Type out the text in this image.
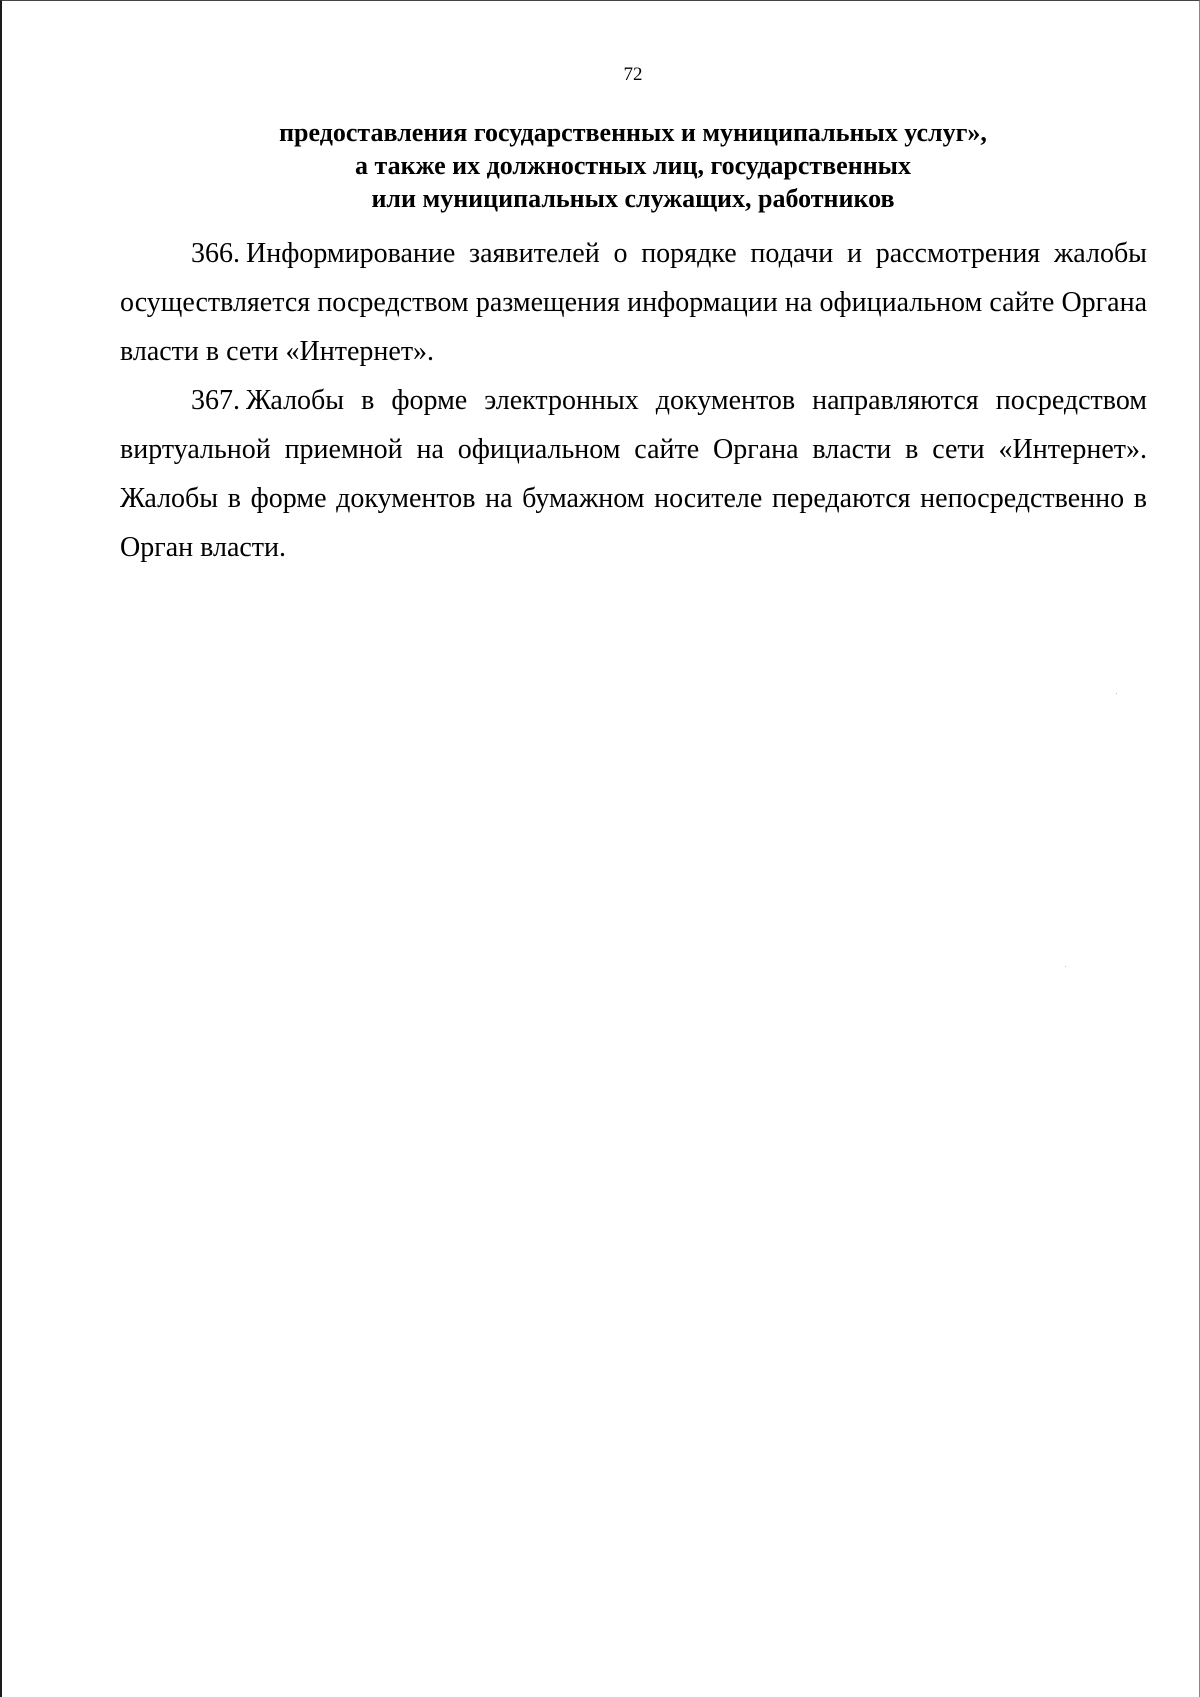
72
предоставления государственных и муниципальных услуг»,
а также их должностных лиц, государственных
или муниципальных служащих, работников

366. Информирование заявителей о порядке подачи и рассмотрения жалобы осуществляется посредством размещения информации на официальном сайте Органа власти в сети «Интернет».

367. Жалобы в форме электронных документов направляются посредством виртуальной приемной на официальном сайте Органа власти в сети «Интернет». Жалобы в форме документов на бумажном носителе передаются непосредственно в Орган власти.
